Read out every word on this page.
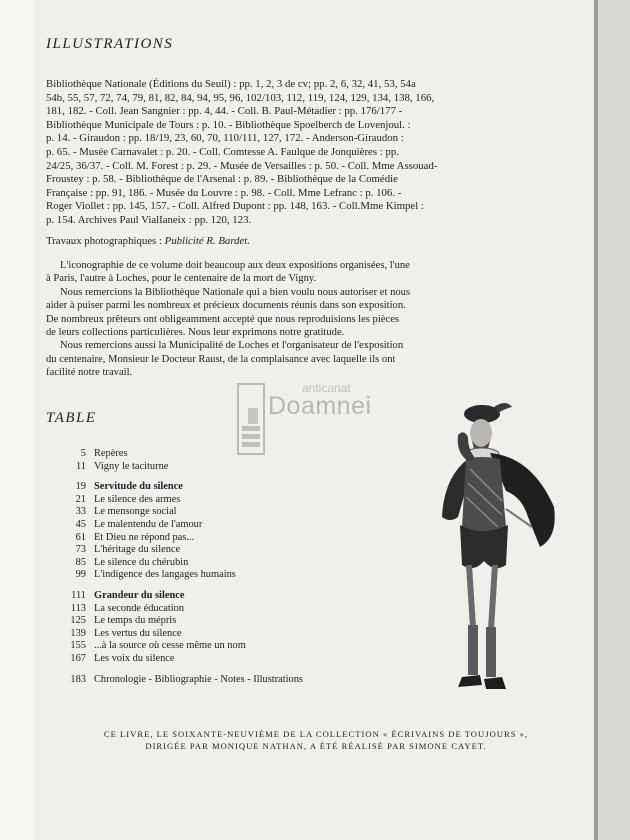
ILLUSTRATIONS
Bibliothèque Nationale (Éditions du Seuil) : pp. 1, 2, 3 de cv; pp. 2, 6, 32, 41, 53, 54a
54b, 55, 57, 72, 74, 79, 81, 82, 84, 94, 95, 96, 102/103, 112, 119, 124, 129, 134, 138, 166,
181, 182. - Coll. Jean Sangnier : pp. 4, 44. - Coll. B. Paul-Métadier : pp. 176/177 -
Bibliothèque Municipale de Tours : p. 10. - Bibliothèque Spoelberch de Lovenjoul. :
p. 14. - Giraudon : pp. 18/19, 23, 60, 70, 110/111, 127, 172. - Anderson-Giraudon :
p. 65. - Musée Carnavalet : p. 20. - Coll. Comtesse A. Faulque de Jonquières : pp.
24/25, 36/37. - Coll. M. Forest : p. 29. - Musée de Versailles : p. 50. - Coll. Mme Assouad-
Froustey : p. 58. - Bibliothèque de l'Arsenal : p. 89. - Bibliothèque de la Comédie
Française : pp. 91, 186. - Musée du Louvre : p. 98. - Coll. Mme Lefranc : p. 106. -
Roger Viollet : pp. 145, 157. - Coll. Alfred Dupont : pp. 148, 163. - Coll.Mme Kimpel :
p. 154. Archives Paul VialIaneix : pp. 120, 123.
Travaux photographiques : Publicité R. Bardet.
L'iconographie de ce volume doit beaucoup aux deux expositions organisées, l'une
à Paris, l'autre à Loches, pour le centenaire de la mort de Vigny.
Nous remercions la Bibliothèque Nationale qui a bien voulu nous autoriser et nous
aider à puiser parmi les nombreux et précieux documents réunis dans son exposition.
De nombreux prêteurs ont obligeamment accepté que nous reproduisions les pièces
de leurs collections particulières. Nous leur exprimons notre gratitude.
Nous remercions aussi la Municipalité de Loches et l'organisateur de l'exposition
du centenaire, Monsieur le Docteur Raust, de la complaisance avec laquelle ils ont
facilité notre travail.
anticariat
Doamnei
TABLE
5 Repères
11 Vigny le taciturne
19 Servitude du silence
21 Le silence des armes
33 Le mensonge social
45 Le malentendu de l'amour
61 Et Dieu ne répond pas...
73 L'héritage du silence
85 Le silence du chérubin
99 L'indigence des langages humains
111 Grandeur du silence
113 La seconde éducation
125 Le temps du mépris
139 Les vertus du silence
155 ...à la source où cesse même un nom
167 Les voix du silence
183 Chronologie - Bibliographie - Notes - Illustrations
CE LIVRE, LE SOIXANTE-NEUVIÈME DE LA COLLECTION « ÉCRIVAINS DE TOUJOURS »,
DIRIGÉE PAR MONIQUE NATHAN, A ÉTÉ RÉALISÉ PAR SIMONE CAYET.
